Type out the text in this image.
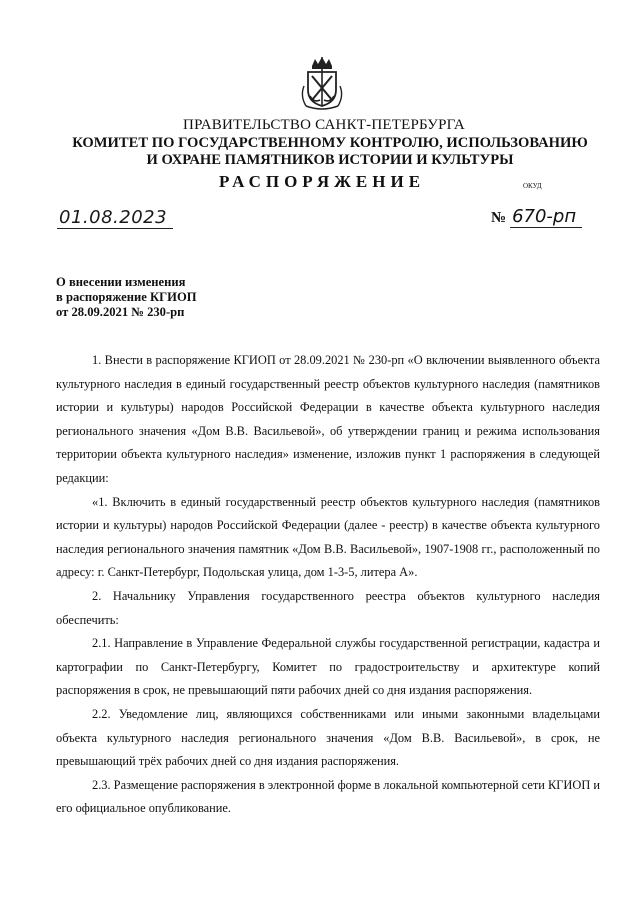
ПРАВИТЕЛЬСТВО САНКТ-ПЕТЕРБУРГА
КОМИТЕТ ПО ГОСУДАРСТВЕННОМУ КОНТРОЛЮ, ИСПОЛЬЗОВАНИЮ
И ОХРАНЕ ПАМЯТНИКОВ ИСТОРИИ И КУЛЬТУРЫ
РАСПОРЯЖЕНИЕ	ОКУД
01.08.2023	№ 670-рп
О внесении изменения
в распоряжение КГИОП
от 28.09.2021 № 230-рп

1. Внести в распоряжение КГИОП от 28.09.2021 № 230-рп «О включении выявленного объекта культурного наследия в единый государственный реестр объектов культурного наследия (памятников истории и культуры) народов Российской Федерации в качестве объекта культурного наследия регионального значения «Дом В.В. Васильевой», об утверждении границ и режима использования территории объекта культурного наследия» изменение, изложив пункт 1 распоряжения в следующей редакции:

«1. Включить в единый государственный реестр объектов культурного наследия (памятников истории и культуры) народов Российской Федерации (далее - реестр) в качестве объекта культурного наследия регионального значения памятник «Дом В.В. Васильевой», 1907-1908 гг., расположенный по адресу: г. Санкт-Петербург, Подольская улица, дом 1-3-5, литера А».

2. Начальнику Управления государственного реестра объектов культурного наследия обеспечить:

2.1. Направление в Управление Федеральной службы государственной регистрации, кадастра и картографии по Санкт-Петербургу, Комитет по градостроительству и архитектуре копий распоряжения в срок, не превышающий пяти рабочих дней со дня издания распоряжения.

2.2. Уведомление лиц, являющихся собственниками или иными законными владельцами объекта культурного наследия регионального значения «Дом В.В. Васильевой», в срок, не превышающий трёх рабочих дней со дня издания распоряжения.

2.3. Размещение распоряжения в электронной форме в локальной компьютерной сети КГИОП и его официальное опубликование.
